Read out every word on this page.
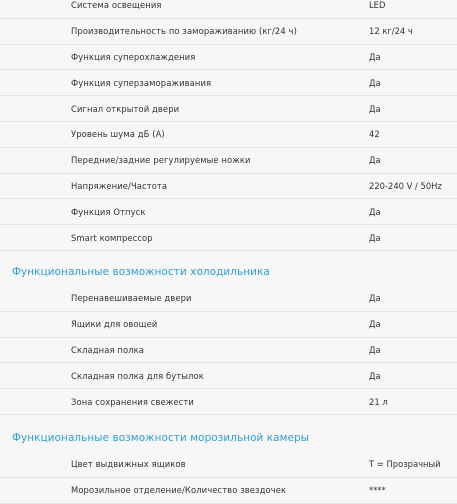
Система освещения	LED
Производительность по замораживанию (кг/24 ч)	12 кг/24 ч
Функция суперохлаждения	Да
Функция суперзамораживания	Да
Сигнал открытой двери	Да
Уровень шума дБ (A)	42
Передние/задние регулируемые ножки	Да
Напряжение/Частота	220-240 V / 50Hz
Функция Отпуск	Да
Smart компрессор	Да
Функциональные возможности холодильника
Перенавешиваемые двери	Да
Ящики для овощей	Да
Складная полка	Да
Складная полка для бутылок	Да
Зона сохранения свежести	21 л
Функциональные возможности морозильной камеры
Цвет выдвижных ящиков	T = Прозрачный
Морозильное отделение/Количество звездочек	****
